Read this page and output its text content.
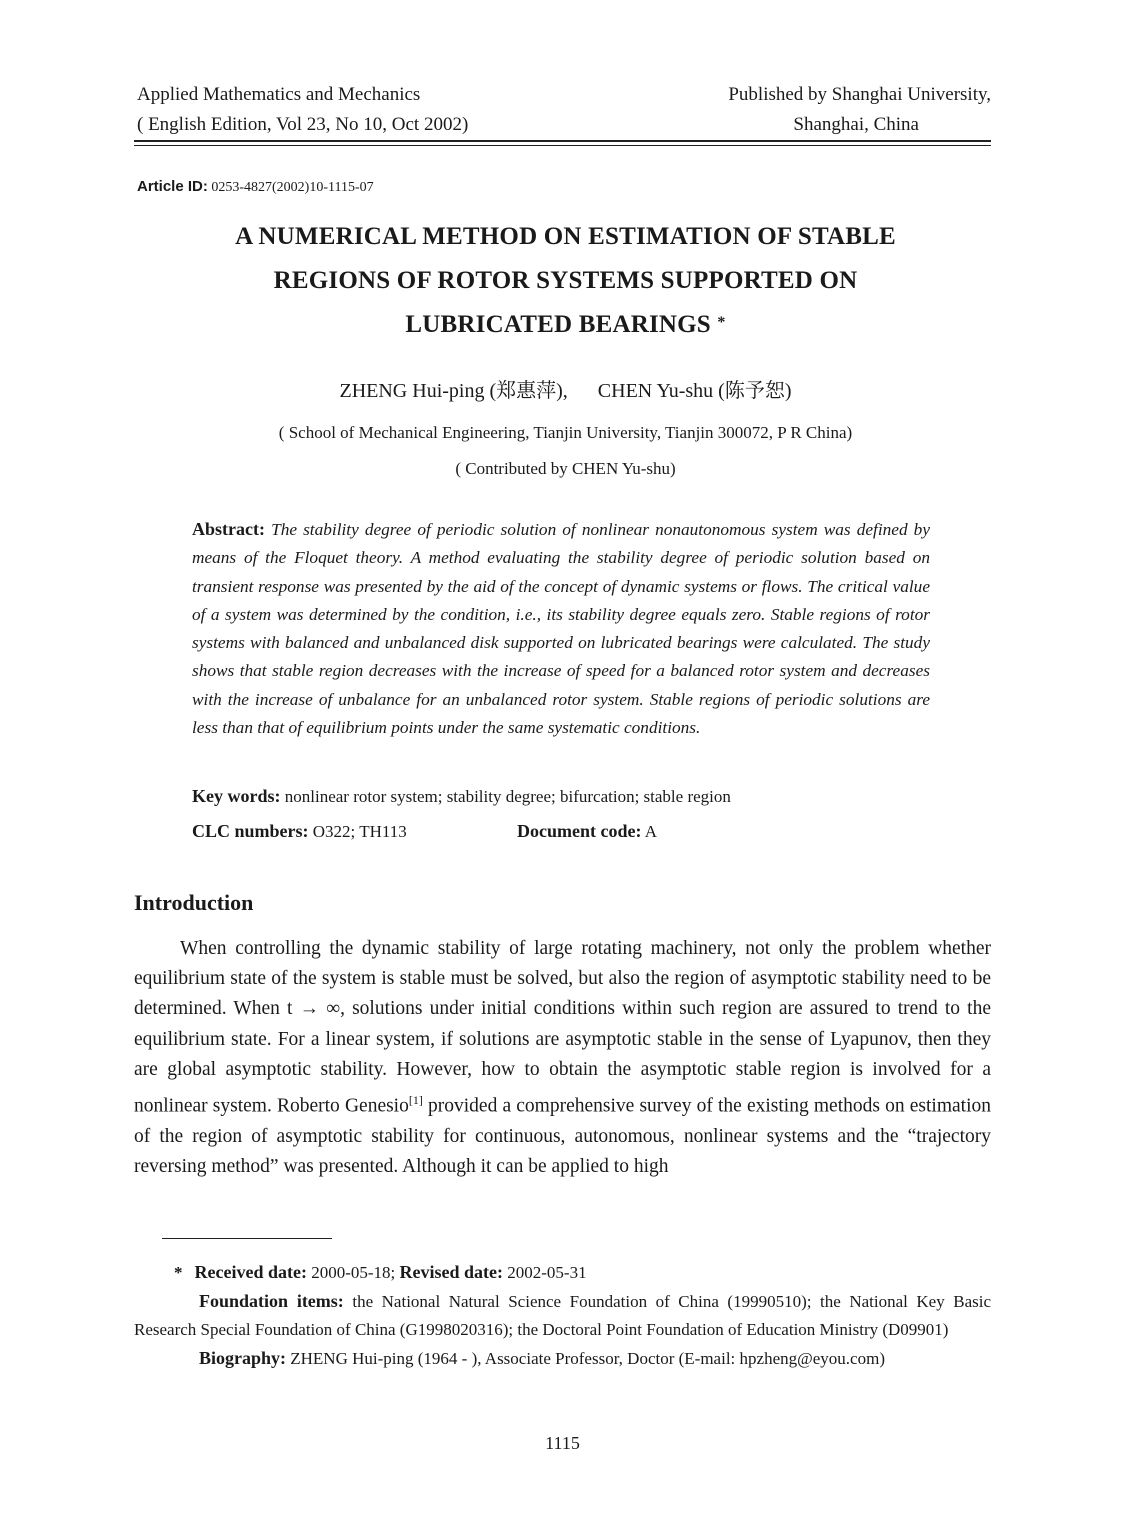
Applied Mathematics and Mechanics
( English Edition, Vol 23, No 10, Oct 2002)
Published by Shanghai University,
Shanghai, China
Article ID: 0253-4827(2002)10-1115-07
A NUMERICAL METHOD ON ESTIMATION OF STABLE
REGIONS OF ROTOR SYSTEMS SUPPORTED ON
LUBRICATED BEARINGS *
ZHENG Hui-ping (郑惠萍), CHEN Yu-shu (陈予恕)
( School of Mechanical Engineering, Tianjin University, Tianjin 300072, P R China)
( Contributed by CHEN Yu-shu)
Abstract: The stability degree of periodic solution of nonlinear nonautonomous system was defined by means of the Floquet theory. A method evaluating the stability degree of periodic solution based on transient response was presented by the aid of the concept of dynamic systems or flows. The critical value of a system was determined by the condition, i.e., its stability degree equals zero. Stable regions of rotor systems with balanced and unbalanced disk supported on lubricated bearings were calculated. The study shows that stable region decreases with the increase of speed for a balanced rotor system and decreases with the increase of unbalance for an unbalanced rotor system. Stable regions of periodic solutions are less than that of equilibrium points under the same systematic conditions.
Key words: nonlinear rotor system; stability degree; bifurcation; stable region
CLC numbers: O322; TH113	Document code: A
Introduction
When controlling the dynamic stability of large rotating machinery, not only the problem whether equilibrium state of the system is stable must be solved, but also the region of asymptotic stability need to be determined. When t → ∞, solutions under initial conditions within such region are assured to trend to the equilibrium state. For a linear system, if solutions are asymptotic stable in the sense of Lyapunov, then they are global asymptotic stability. However, how to obtain the asymptotic stable region is involved for a nonlinear system. Roberto Genesio[1] provided a comprehensive survey of the existing methods on estimation of the region of asymptotic stability for continuous, autonomous, nonlinear systems and the “trajectory reversing method” was presented. Although it can be applied to high
* Received date: 2000-05-18; Revised date: 2002-05-31
Foundation items: the National Natural Science Foundation of China (19990510); the National Key Basic Research Special Foundation of China (G1998020316); the Doctoral Point Foundation of Education Ministry (D09901)
Biography: ZHENG Hui-ping (1964 - ), Associate Professor, Doctor (E-mail: hpzheng@eyou.com)
1115
